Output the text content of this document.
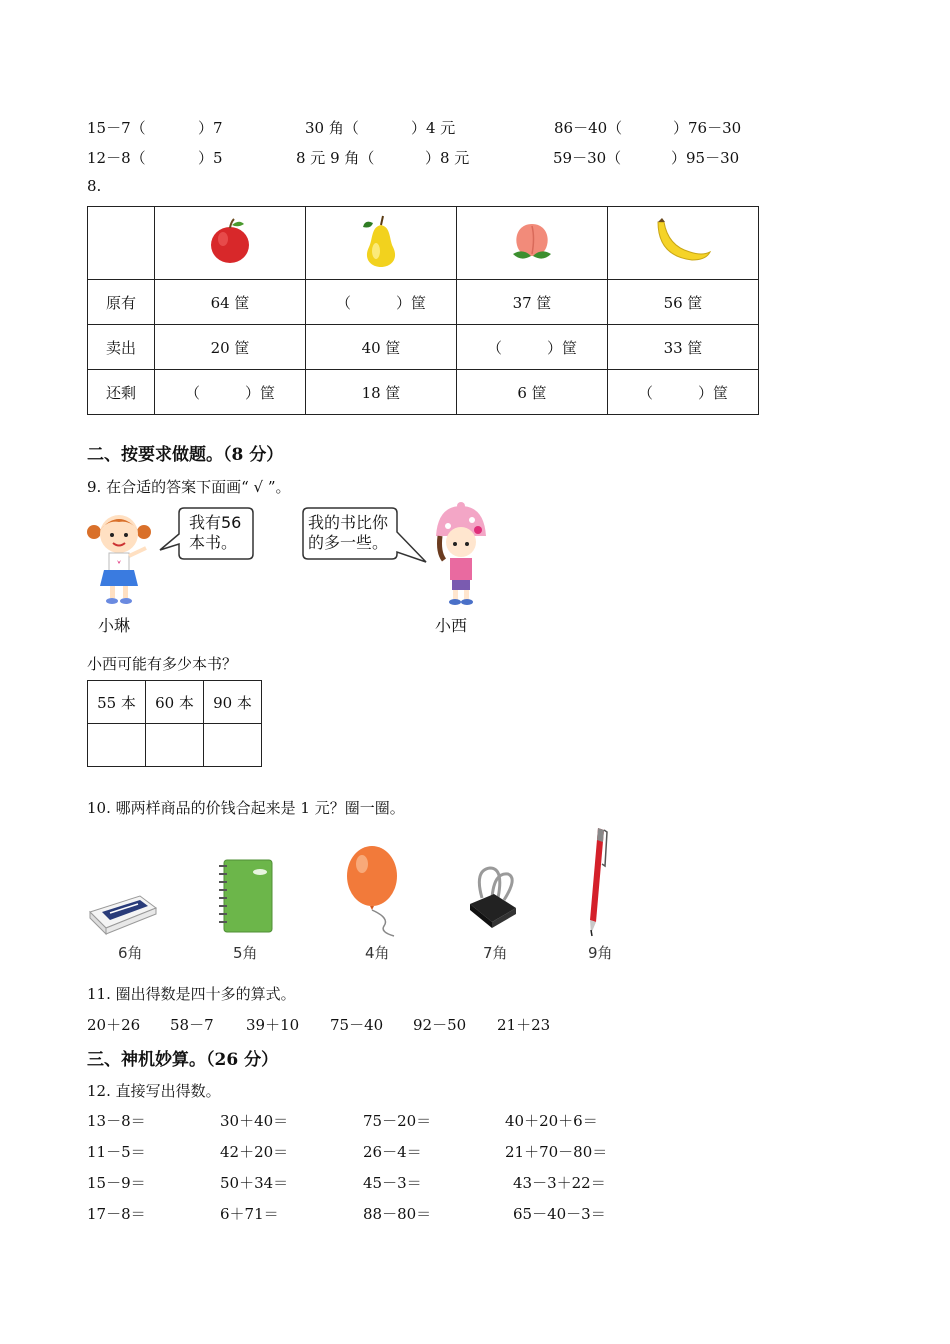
15－7（	）7	30 角（	）4 元	86－40（	）76－30
12－8（	）5	8 元 9 角（	）8 元	59－30（	）95－30
8.

原有	64 筐	（　　　）筐	37 筐	56 筐
卖出	20 筐	40 筐	（　　　）筐	33 筐
还剩	（　　　）筐	18 筐	6 筐	（　　　）筐
二、按要求做题。（8 分）
9. 在合适的答案下面画“ √ ”。
小琳
我有56
本书。
我的书比你
的多一些。
小西
小西可能有多少本书？
55 本	60 本	90 本

10. 哪两样商品的价钱合起来是 1 元？圈一圈。
6角	5角	4角	7角	9角
11. 圈出得数是四十多的算式。
20＋26 58－7 39＋10 75－40 92－50 21＋23
三、神机妙算。（26 分）
12. 直接写出得数。
13－8＝	30＋40＝	75－20＝	40＋20＋6＝
11－5＝	42＋20＝	26－4＝	21＋70－80＝
15－9＝	50＋34＝	45－3＝	43－3＋22＝
17－8＝	6＋71＝	88－80＝	65－40－3＝
